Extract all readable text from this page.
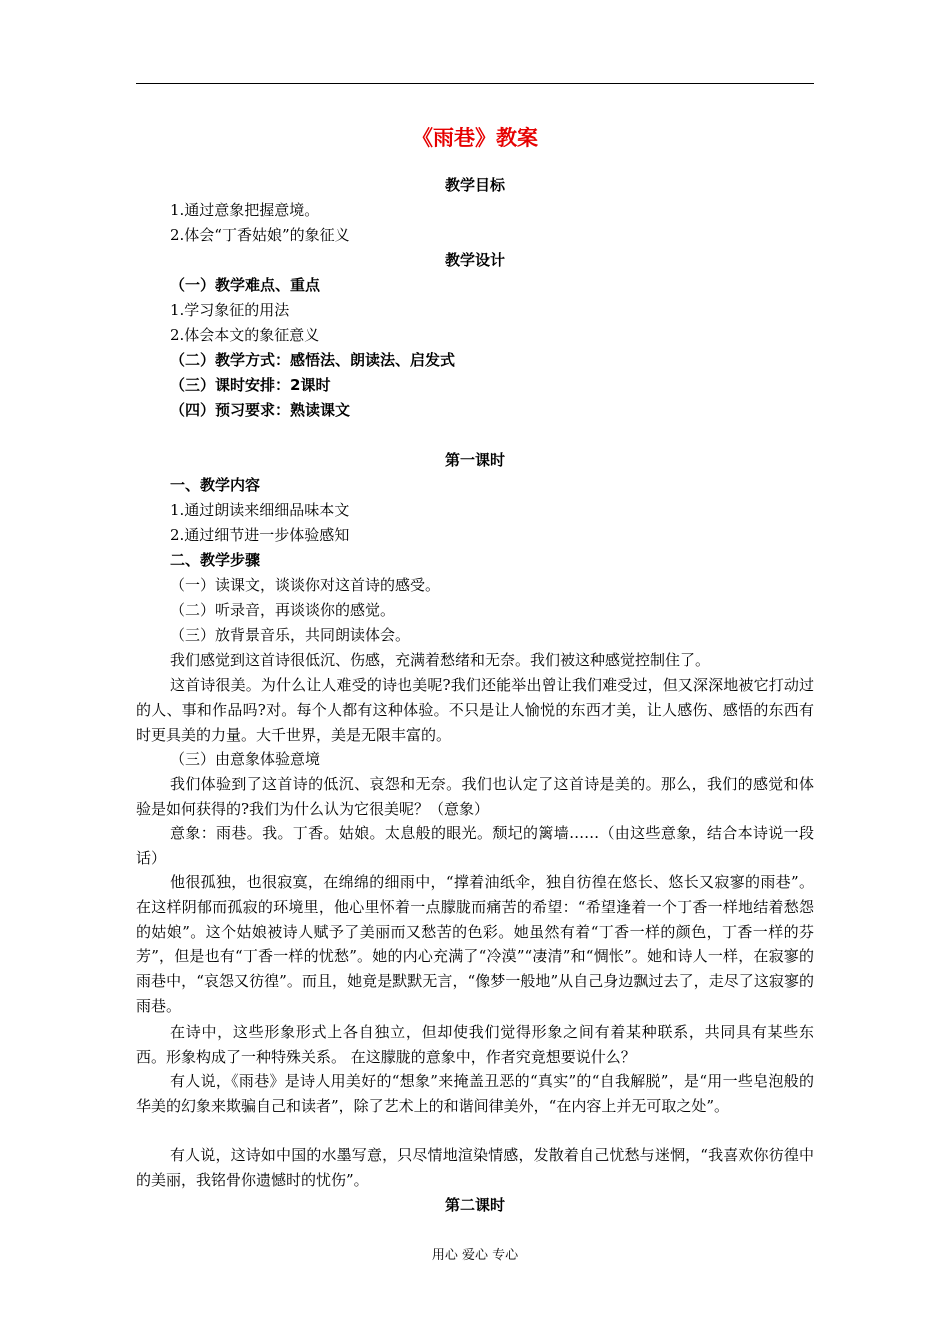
《雨巷》教案
教学目标
1.通过意象把握意境。
2.体会“丁香姑娘”的象征义
教学设计
（一）教学难点、重点
1.学习象征的用法
2.体会本文的象征意义
（二）教学方式：感悟法、朗读法、启发式
（三）课时安排：2课时
（四）预习要求：熟读课文
第一课时
一、教学内容
1.通过朗读来细细品味本文
2.通过细节进一步体验感知
二、教学步骤
（一）读课文，谈谈你对这首诗的感受。
（二）听录音，再谈谈你的感觉。
（三）放背景音乐，共同朗读体会。
我们感觉到这首诗很低沉、伤感，充满着愁绪和无奈。我们被这种感觉控制住了。
这首诗很美。为什么让人难受的诗也美呢?我们还能举出曾让我们难受过，但又深深地被它打动过的人、事和作品吗?对。每个人都有这种体验。不只是让人愉悦的东西才美，让人感伤、感悟的东西有时更具美的力量。大千世界，美是无限丰富的。
（三）由意象体验意境
我们体验到了这首诗的低沉、哀怨和无奈。我们也认定了这首诗是美的。那么，我们的感觉和体验是如何获得的?我们为什么认为它很美呢？（意象）
意象：雨巷。我。丁香。姑娘。太息般的眼光。颓圮的篱墙……（由这些意象，结合本诗说一段话）
他很孤独，也很寂寞，在绵绵的细雨中，“撑着油纸伞，独自彷徨在悠长、悠长又寂寥的雨巷”。在这样阴郁而孤寂的环境里，他心里怀着一点朦胧而痛苦的希望：“希望逢着一个丁香一样地结着愁怨的姑娘”。这个姑娘被诗人赋予了美丽而又愁苦的色彩。她虽然有着“丁香一样的颜色，丁香一样的芬芳”，但是也有“丁香一样的忧愁”。她的内心充满了“冷漠”“凄清”和“惆怅”。她和诗人一样，在寂寥的雨巷中，“哀怨又彷徨”。而且，她竟是默默无言，“像梦一般地”从自己身边飘过去了，走尽了这寂寥的雨巷。
在诗中，这些形象形式上各自独立，但却使我们觉得形象之间有着某种联系，共同具有某些东西。形象构成了一种特殊关系。 在这朦胧的意象中，作者究竟想要说什么？
有人说，《雨巷》是诗人用美好的“想象”来掩盖丑恶的“真实”的“自我解脱”，是“用一些皂泡般的华美的幻象来欺骗自己和读者”，除了艺术上的和谐间律美外，“在内容上并无可取之处”。
有人说，这诗如中国的水墨写意，只尽情地渲染情感，发散着自己忧愁与迷惘，“我喜欢你彷徨中的美丽，我铭骨你遗憾时的忧伤”。
第二课时
用心 爱心 专心
